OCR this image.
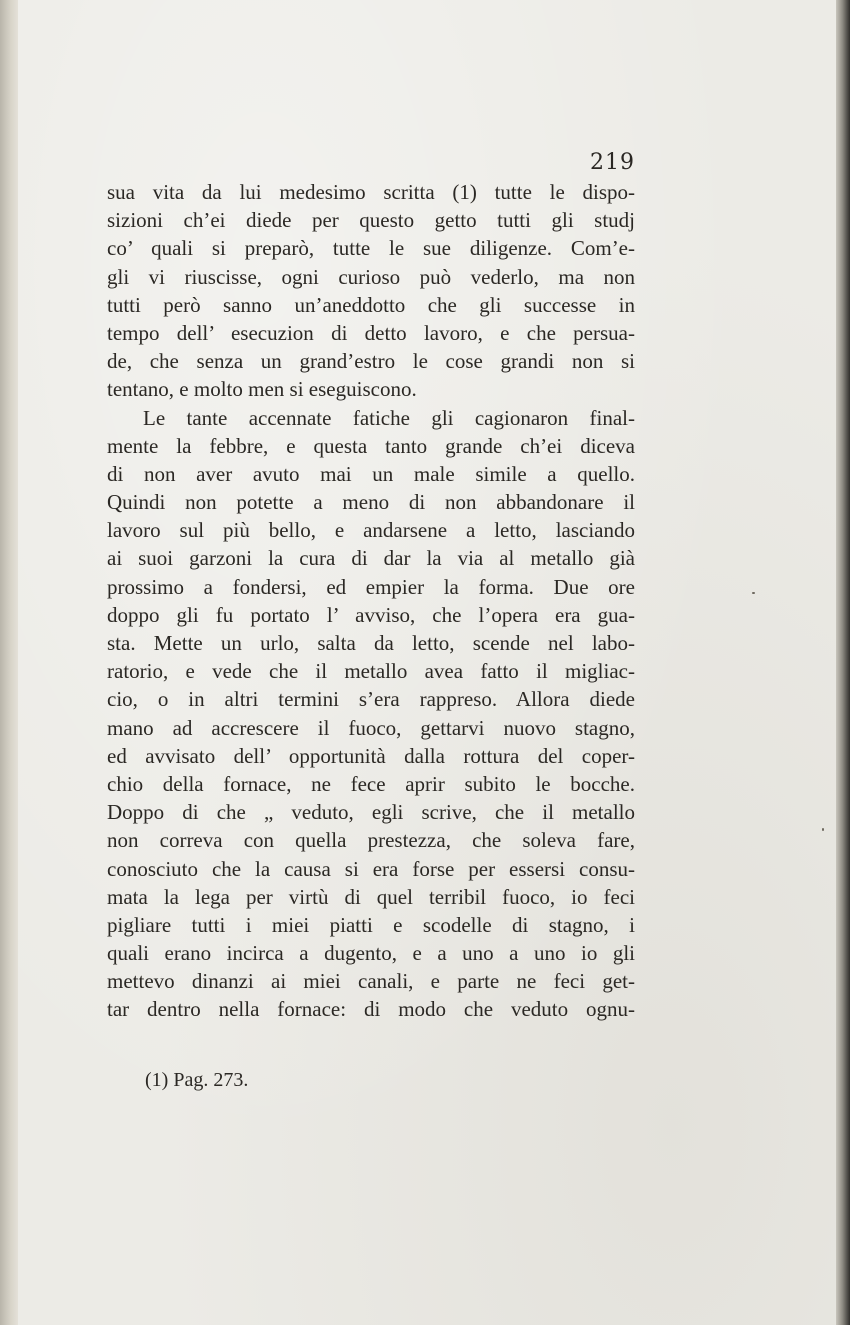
219
sua vita da lui medesimo scritta (1) tutte le dispo-
sizioni ch’ei diede per questo getto tutti gli studj
co’ quali si preparò, tutte le sue diligenze. Com’e-
gli vi riuscisse, ogni curioso può vederlo, ma non
tutti però sanno un’aneddotto che gli successe in
tempo dell’ esecuzion di detto lavoro, e che persua-
de, che senza un grand’estro le cose grandi non si
tentano, e molto men si eseguiscono.
Le tante accennate fatiche gli cagionaron final-
mente la febbre, e questa tanto grande ch’ei diceva
di non aver avuto mai un male simile a quello.
Quindi non potette a meno di non abbandonare il
lavoro sul più bello, e andarsene a letto, lasciando
ai suoi garzoni la cura di dar la via al metallo già
prossimo a fondersi, ed empier la forma. Due ore
doppo gli fu portato l’ avviso, che l’opera era gua-
sta. Mette un urlo, salta da letto, scende nel labo-
ratorio, e vede che il metallo avea fatto il migliac-
cio, o in altri termini s’era rappreso. Allora diede
mano ad accrescere il fuoco, gettarvi nuovo stagno,
ed avvisato dell’ opportunità dalla rottura del coper-
chio della fornace, ne fece aprir subito le bocche.
Doppo di che „ veduto, egli scrive, che il metallo
non correva con quella prestezza, che soleva fare,
conosciuto che la causa si era forse per essersi consu-
mata la lega per virtù di quel terribil fuoco, io feci
pigliare tutti i miei piatti e scodelle di stagno, i
quali erano incirca a dugento, e a uno a uno io gli
mettevo dinanzi ai miei canali, e parte ne feci get-
tar dentro nella fornace: di modo che veduto ognu-
(1) Pag. 273.
